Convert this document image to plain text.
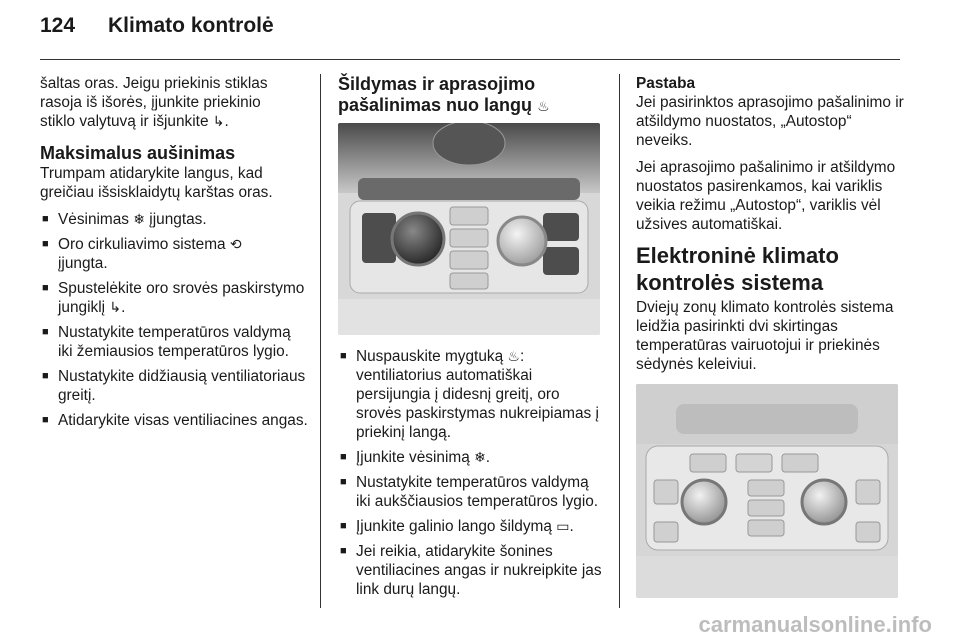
124 Klimato kontrolė

šaltas oras. Jeigu priekinis stiklas
rasoja iš išorės, įjunkite priekinio
stiklo valytuvą ir išjunkite ↳.

Maksimalus aušinimas

Trumpam atidarykite langus, kad greičiau išsisklaidytų karštas oras.

■ Vėsinimas ❄ įjungtas.
■ Oro cirkuliavimo sistema ⟲
įjungta.
■ Spustelėkite oro srovės paskirstymo jungiklį ↳.
■ Nustatykite temperatūros valdymą iki žemiausios temperatūros lygio.
■ Nustatykite didžiausią ventiliatoriaus greitį.
■ Atidarykite visas ventiliacines angas.
Šildymas ir aprasojimo
pašalinimas nuo langų ♨
■ Nuspauskite mygtuką ♨: ventiliatorius automatiškai persijungia į didesnį greitį, oro srovės paskirstymas nukreipiamas į priekinį langą.
■ Įjunkite vėsinimą ❄.
■ Nustatykite temperatūros valdymą iki aukščiausios temperatūros lygio.
■ Įjunkite galinio lango šildymą ▭.
■ Jei reikia, atidarykite šonines ventiliacines angas ir nukreipkite jas link durų langų.
Pastaba

Jei pasirinktos aprasojimo pašalinimo ir atšildymo nuostatos, „Autostop“ neveiks.

Jei aprasojimo pašalinimo ir atšildymo nuostatos pasirenkamos, kai variklis veikia režimu „Autostop“, variklis vėl užsives automatiškai.

Elektroninė klimato
kontrolės sistema

Dviejų zonų klimato kontrolės sistema leidžia pasirinkti dvi skirtingas temperatūras vairuotojui ir priekinės sėdynės keleiviui.

carmanualsonline.info
